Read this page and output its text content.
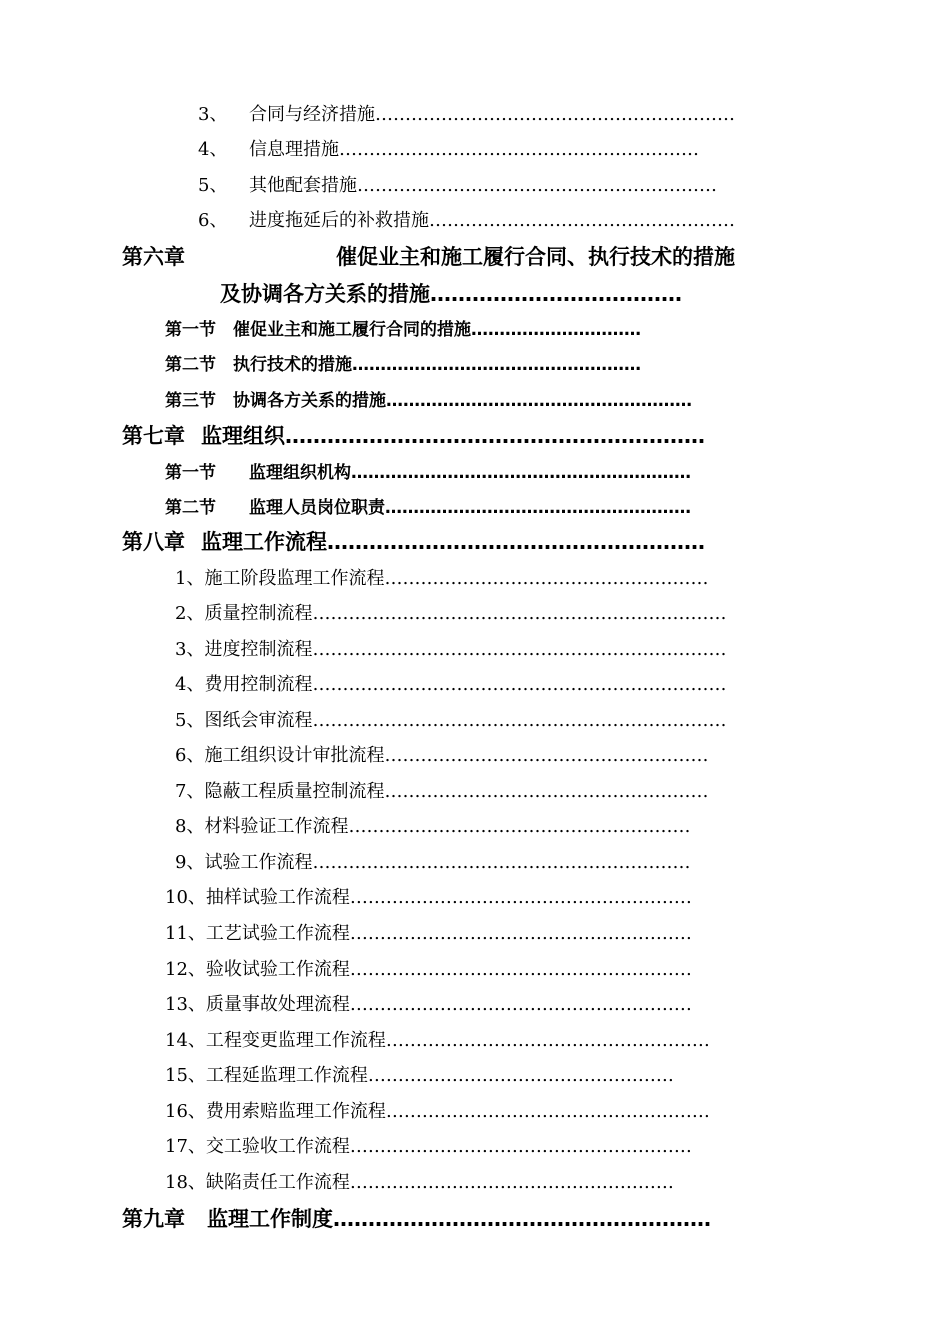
3、 合同与经济措施……………………………………………………
4、 信息理措施……………………………………………………
5、 其他配套措施……………………………………………………
6、 进度拖延后的补救措施……………………………………………
第六章	催促业主和施工履行合同、执行技术的措施
及协调各方关系的措施………………………………
第一节 催促业主和施工履行合同的措施…………………………
第二节 执行技术的措施……………………………………………
第三节 协调各方关系的措施………………………………………………
第七章 监理组织……………………………………………………
第一节 监理组织机构……………………………………………………
第二节 监理人员岗位职责………………………………………………
第八章 监理工作流程………………………………………………
1、施工阶段监理工作流程………………………………………………
2、质量控制流程……………………………………………………………
3、进度控制流程……………………………………………………………
4、费用控制流程……………………………………………………………
5、图纸会审流程……………………………………………………………
6、施工组织设计审批流程………………………………………………
7、隐蔽工程质量控制流程………………………………………………
8、材料验证工作流程…………………………………………………
9、试验工作流程………………………………………………………
10、抽样试验工作流程…………………………………………………
11、工艺试验工作流程…………………………………………………
12、验收试验工作流程…………………………………………………
13、质量事故处理流程…………………………………………………
14、工程变更监理工作流程………………………………………………
15、工程延监理工作流程……………………………………………
16、费用索赔监理工作流程………………………………………………
17、交工验收工作流程…………………………………………………
18、缺陷责任工作流程………………………………………………
第九章 监理工作制度………………………………………………
